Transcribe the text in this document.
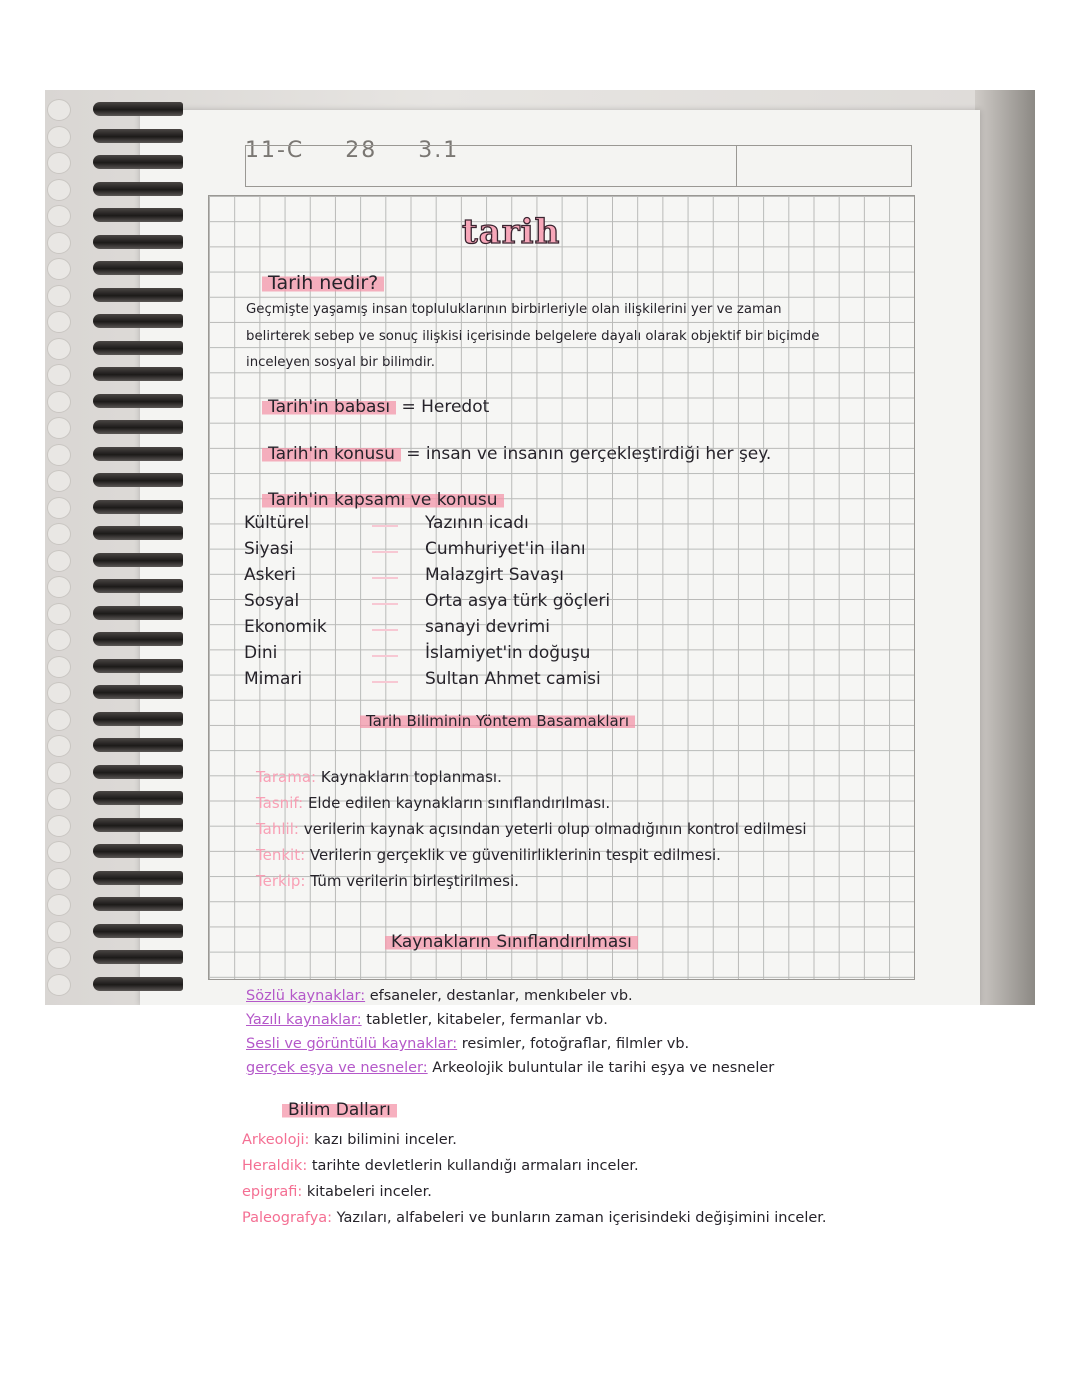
11-C 28 3.1
tarih
Tarih nedir?
Geçmişte yaşamış insan topluluklarının birbirleriyle olan ilişkilerini yer ve zaman
belirterek sebep ve sonuç ilişkisi içerisinde belgelere dayalı olarak objektif bir biçimde
inceleyen sosyal bir bilimdir.
Tarih'in babası = Heredot
Tarih'in konusu = insan ve insanın gerçekleştirdiği her şey.
Tarih'in kapsamı ve konusu
Kültürel	Yazının icadı
Siyasi	Cumhuriyet'in ilanı
Askeri	Malazgirt Savaşı
Sosyal	Orta asya türk göçleri
Ekonomik	sanayi devrimi
Dini	İslamiyet'in doğuşu
Mimari	Sultan Ahmet camisi
Tarih Biliminin Yöntem Basamakları
Tarama: Kaynakların toplanması.
Tasnif: Elde edilen kaynakların sınıflandırılması.
Tahlil: verilerin kaynak açısından yeterli olup olmadığının kontrol edilmesi
Tenkit: Verilerin gerçeklik ve güvenilirliklerinin tespit edilmesi.
Terkip: Tüm verilerin birleştirilmesi.
Kaynakların Sınıflandırılması
Sözlü kaynaklar: efsaneler, destanlar, menkıbeler vb.
Yazılı kaynaklar: tabletler, kitabeler, fermanlar vb.
Sesli ve görüntülü kaynaklar: resimler, fotoğraflar, filmler vb.
gerçek eşya ve nesneler: Arkeolojik buluntular ile tarihi eşya ve nesneler
Bilim Dalları
Arkeoloji: kazı bilimini inceler.
Heraldik: tarihte devletlerin kullandığı armaları inceler.
epigrafi: kitabeleri inceler.
Paleografya: Yazıları, alfabeleri ve bunların zaman içerisindeki değişimini inceler.
